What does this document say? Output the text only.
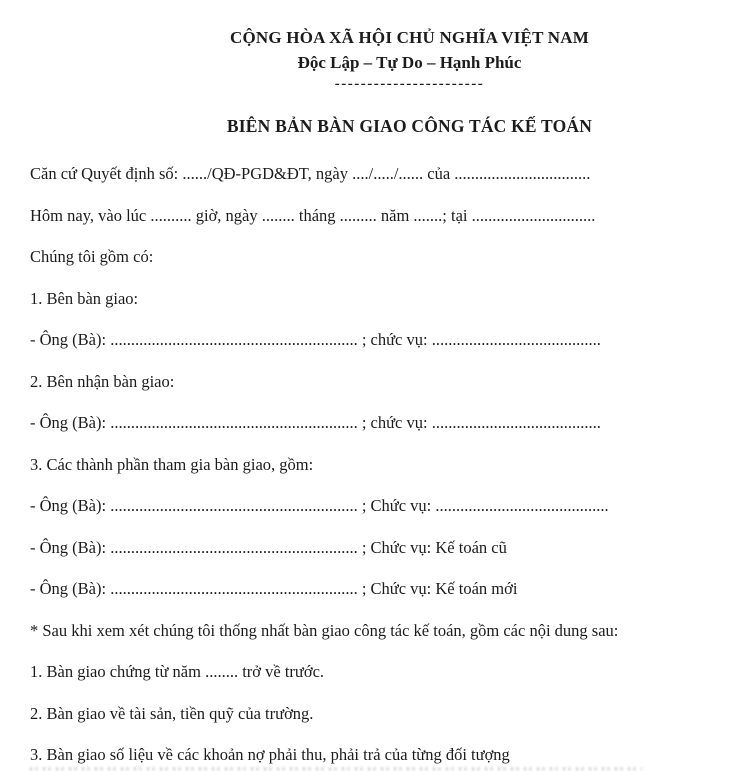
CỘNG HÒA XÃ HỘI CHỦ NGHĨA VIỆT NAM
Độc Lập – Tự Do – Hạnh Phúc
-----------------------
BIÊN BẢN BÀN GIAO CÔNG TÁC KẾ TOÁN

Căn cứ Quyết định số: ....../QĐ-PGD&ĐT, ngày ..../...../...... của .................................

Hôm nay, vào lúc .......... giờ, ngày ........ tháng ......... năm .......; tại ..............................

Chúng tôi gồm có:

1. Bên bàn giao:

- Ông (Bà): ............................................................ ; chức vụ: .........................................

2. Bên nhận bàn giao:

- Ông (Bà): ............................................................ ; chức vụ: .........................................

3. Các thành phần tham gia bàn giao, gồm:

- Ông (Bà): ............................................................ ; Chức vụ: ..........................................

- Ông (Bà): ............................................................ ; Chức vụ: Kế toán cũ

- Ông (Bà): ............................................................ ; Chức vụ: Kế toán mới

* Sau khi xem xét chúng tôi thống nhất bàn giao công tác kế toán, gồm các nội dung sau:

1. Bàn giao chứng từ năm ........ trở về trước.

2. Bàn giao về tài sản, tiền quỹ của trường.

3. Bàn giao số liệu về các khoản nợ phải thu, phải trả của từng đối tượng
